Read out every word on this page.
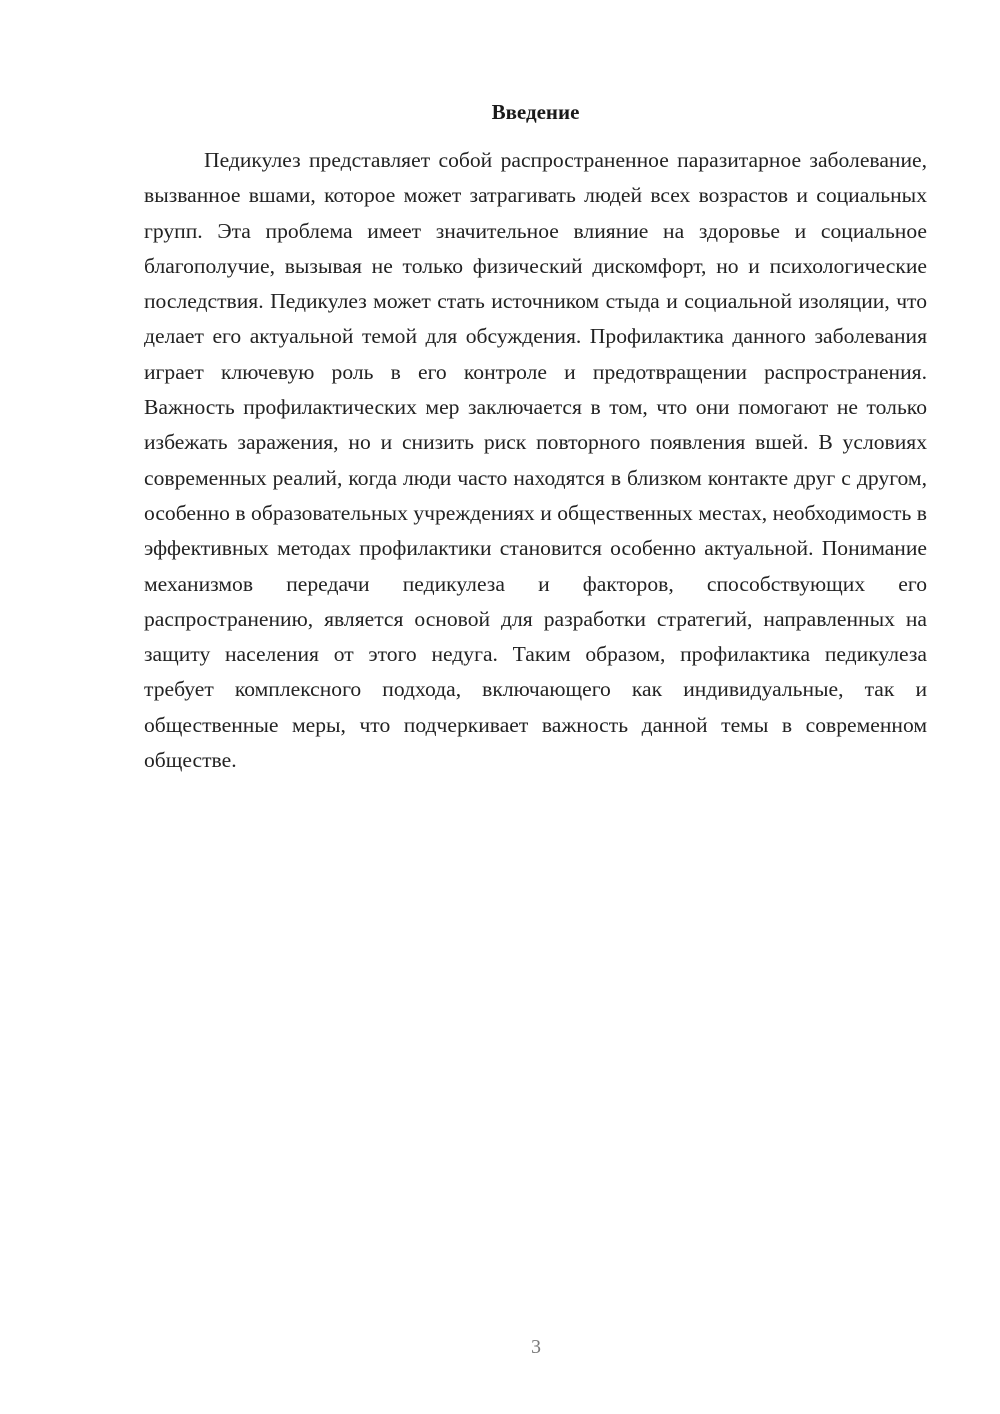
Введение

Педикулез представляет собой распространенное паразитарное заболевание, вызванное вшами, которое может затрагивать людей всех возрастов и социальных групп. Эта проблема имеет значительное влияние на здоровье и социальное благополучие, вызывая не только физический дискомфорт, но и психологические последствия. Педикулез может стать источником стыда и социальной изоляции, что делает его актуальной темой для обсуждения. Профилактика данного заболевания играет ключевую роль в его контроле и предотвращении распространения. Важность профилактических мер заключается в том, что они помогают не только избежать заражения, но и снизить риск повторного появления вшей. В условиях современных реалий, когда люди часто находятся в близком контакте друг с другом, особенно в образовательных учреждениях и общественных местах, необходимость в эффективных методах профилактики становится особенно актуальной. Понимание механизмов передачи педикулеза и факторов, способствующих его распространению, является основой для разработки стратегий, направленных на защиту населения от этого недуга. Таким образом, профилактика педикулеза требует комплексного подхода, включающего как индивидуальные, так и общественные меры, что подчеркивает важность данной темы в современном обществе.

3
